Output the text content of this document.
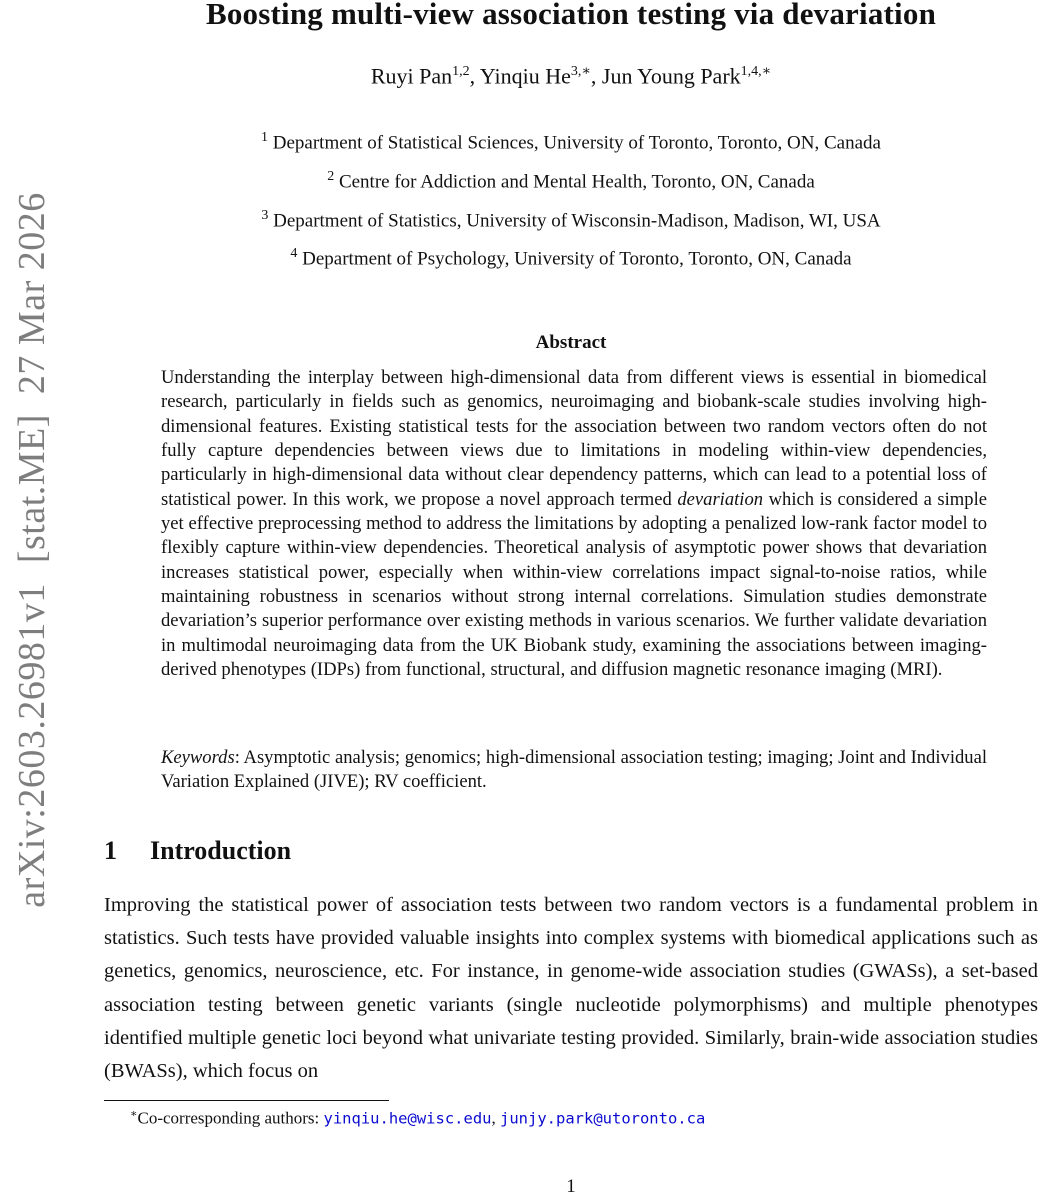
arXiv:2603.26981v1  [stat.ME]  27 Mar 2026
Boosting multi-view association testing via devariation
Ruyi Pan$^{1,2}$, Yinqiu $He^{3,∗}$, Jun Young Park$^{1,4,∗}$
$^1$ Department of Statistical Sciences, University of Toronto, Toronto, ON, Canada
$^2$ Centre for Addiction and Mental Health, Toronto, ON, Canada
$^3$ Department of Statistics, University of Wisconsin-Madison, Madison, WI, USA
$^4$ Department of Psychology, University of Toronto, Toronto, ON, Canada
Abstract
Understanding the interplay between high-dimensional data from different views is essential in biomedical research, particularly in fields such as genomics, neuroimaging and biobank-scale studies involving high-dimensional features. Existing statistical tests for the association between two random vectors often do not fully capture dependencies between views due to limitations in modeling within-view dependencies, particularly in high-dimensional data without clear dependency patterns, which can lead to a potential loss of statistical power. In this work, we propose a novel approach termed devariation which is considered a simple yet effective preprocessing method to address the limitations by adopting a penalized low-rank factor model to flexibly capture within-view dependencies. Theoretical analysis of asymptotic power shows that devariation increases statistical power, especially when within-view correlations impact signal-to-noise ratios, while maintaining robustness in scenarios without strong internal correlations. Simulation studies demonstrate devariation’s superior performance over existing methods in various scenarios. We further validate devariation in multimodal neuroimaging data from the UK Biobank study, examining the associations between imaging-derived phenotypes (IDPs) from functional, structural, and diffusion magnetic resonance imaging (MRI).
Keywords: Asymptotic analysis; genomics; high-dimensional association testing; imaging; Joint and Individual Variation Explained (JIVE); RV coefficient.
1 Introduction
Improving the statistical power of association tests between two random vectors is a fundamental problem in statistics. Such tests have provided valuable insights into complex systems with biomedical applications such as genetics, genomics, neuroscience, etc. For instance, in genome-wide association studies (GWASs), a set-based association testing between genetic variants (single nucleotide polymorphisms) and multiple phenotypes identified multiple genetic loci beyond what univariate testing provided. Similarly, brain-wide association studies (BWASs), which focus on
∗Co-corresponding authors: yinqiu.he@wisc.edu, junjy.park@utoronto.ca
1
